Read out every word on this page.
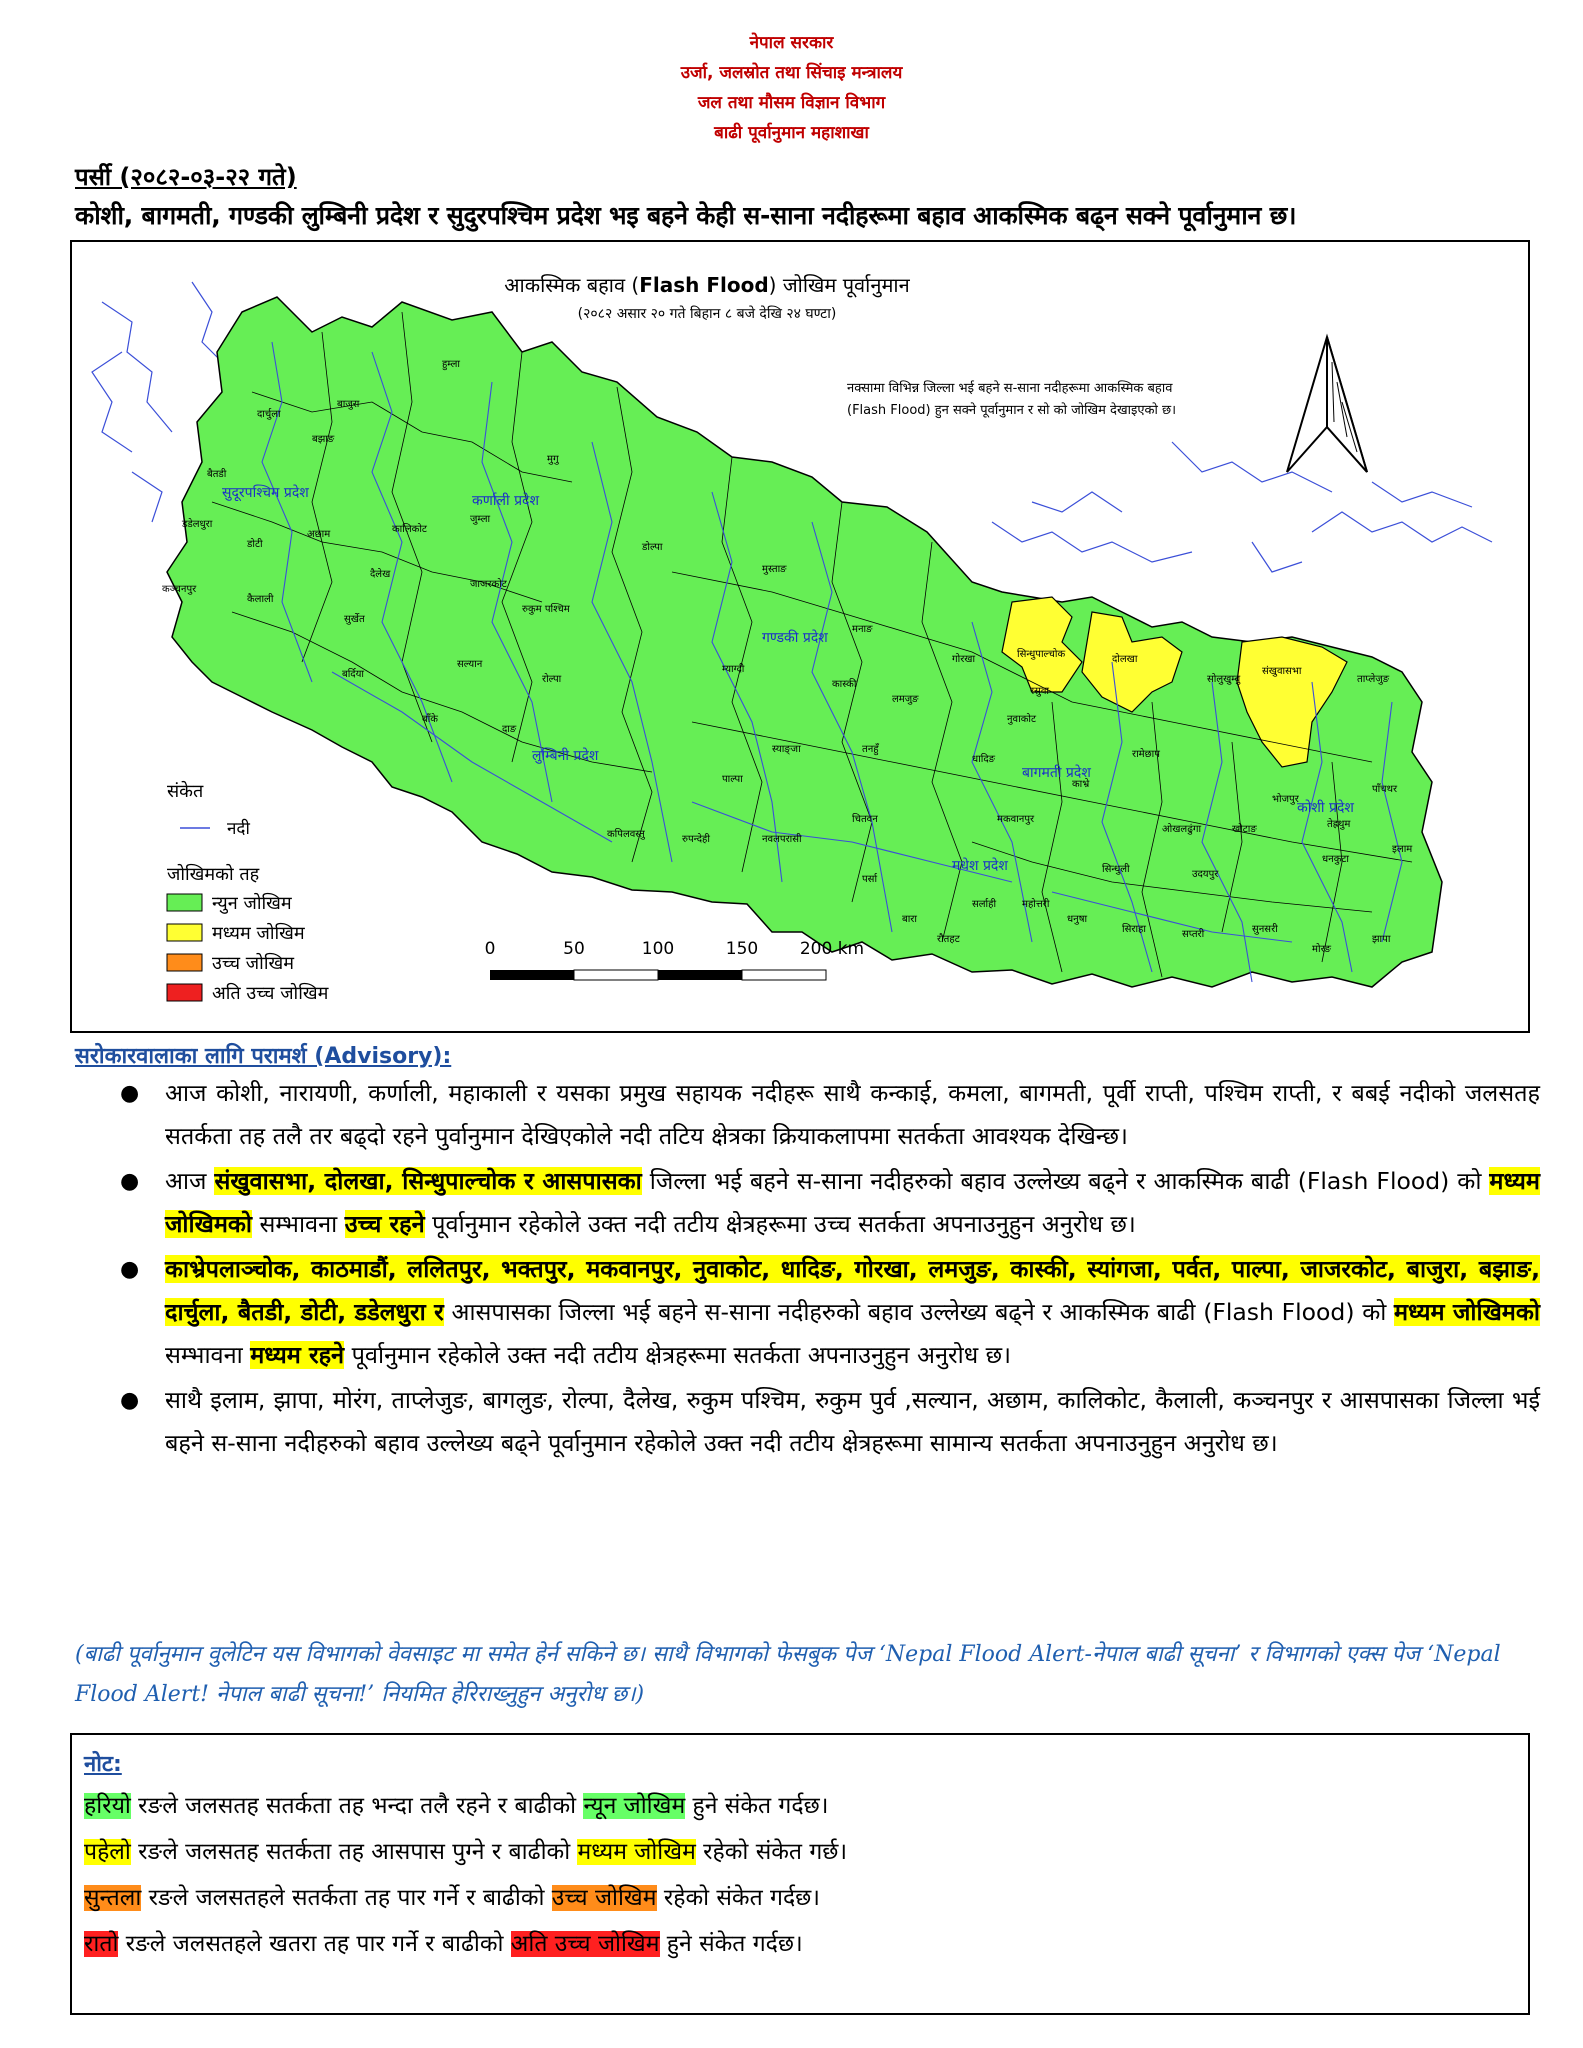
नेपाल सरकार
उर्जा, जलस्रोत तथा सिंचाइ मन्त्रालय
जल तथा मौसम विज्ञान विभाग
बाढी पूर्वानुमान महाशाखा
पर्सी (२०८२-०३-२२ गते)
कोशी, बागमती, गण्डकी लुम्बिनी प्रदेश र सुदुरपश्चिम प्रदेश भइ बहने केही स-साना नदीहरूमा बहाव आकस्मिक बढ्न सक्ने पूर्वानुमान छ।
आकस्मिक बहाव (Flash Flood) जोखिम पूर्वानुमान
(२०८२ असार २० गते बिहान ८ बजे देखि २४ घण्टा)
सुदूरपश्चिम प्रदेश	कर्णाली प्रदेश
गण्डकी प्रदेश
लुम्बिनी प्रदेश
बागमती प्रदेश
मधेश प्रदेश
कोशी प्रदेश
दार्चुला
बैतडी
डडेलधुरा
डोटी
कञ्चनपुर
कैलाली
बझाङ
बाजुरा
अछाम
हुम्ला
मुगु
जुम्ला
कालिकोट
दैलेख
सुर्खेत
बर्दिया
डोल्पा
जाजरकोट
रुकुम पश्चिम
सल्यान
बाँके
रोल्पा
दाङ
मुस्ताङ
म्याग्दी
मनाङ
गोरखा
कास्की
लमजुङ
तनहुँ
स्याङ्जा
पाल्पा
रुपन्देही
कपिलवस्तु	नवलपरासी
चितवन
धादिङ
नुवाकोट
रसुवा
सिन्धुपाल्चोक	दोलखा
काभ्रे
मकवानपुर
रामेछाप
सिन्धुली
सोलुखुम्बु
संखुवासभा
ताप्लेजुङ
पाँचथर
इलाम
झापा
मोरङ
सुनसरी
सप्तरी
सिराहा
धनुषा
महोत्तरी
सर्लाही
रौतहट
बारा
पर्सा	उदयपुर
खोटाङ
भोजपुर
ओखलढुंगा
धनकुटा
तेह्रथुम
नक्सामा विभिन्न जिल्ला भई बहने स-साना नदीहरूमा आकस्मिक बहाव
(Flash Flood) हुन सक्ने पूर्वानुमान र सो को जोखिम देखाइएको छ।
संकेत
नदी
जोखिमको तह
न्युन जोखिम
मध्यम जोखिम
उच्च जोखिम
अति उच्च जोखिम
0	50	100	150 200 km
सरोकारवालाका लागि परामर्श (Advisory):
● आज कोशी, नारायणी, कर्णाली, महाकाली र यसका प्रमुख सहायक नदीहरू साथै कन्काई, कमला, बागमती, पूर्वी राप्ती, पश्चिम राप्ती, र बबई नदीको जलसतह सतर्कता तह तलै तर बढ्दो रहने पुर्वानुमान देखिएकोले नदी तटिय क्षेत्रका क्रियाकलापमा सतर्कता आवश्यक देखिन्छ।
● आज संखुवासभा, दोलखा, सिन्धुपाल्चोक र आसपासका जिल्ला भई बहने स-साना नदीहरुको बहाव उल्लेख्य बढ्ने र आकस्मिक बाढी (Flash Flood) को मध्यम जोखिमको सम्भावना उच्च रहने पूर्वानुमान रहेकोले उक्त नदी तटीय क्षेत्रहरूमा उच्च सतर्कता अपनाउनुहुन अनुरोध छ।
● काभ्रेपलाञ्चोक, काठमाडौं, ललितपुर, भक्तपुर, मकवानपुर, नुवाकोट, धादिङ, गोरखा, लमजुङ, कास्की, स्यांगजा, पर्वत, पाल्पा, जाजरकोट, बाजुरा, बझाङ, दार्चुला, बैतडी, डोटी, डडेलधुरा र आसपासका जिल्ला भई बहने स-साना नदीहरुको बहाव उल्लेख्य बढ्ने र आकस्मिक बाढी (Flash Flood) को मध्यम जोखिमको सम्भावना मध्यम रहने पूर्वानुमान रहेकोले उक्त नदी तटीय क्षेत्रहरूमा सतर्कता अपनाउनुहुन अनुरोध छ।
● साथै इलाम, झापा, मोरंग, ताप्लेजुङ, बागलुङ, रोल्पा, दैलेख, रुकुम पश्चिम, रुकुम पुर्व ,सल्यान, अछाम, कालिकोट, कैलाली, कञ्चनपुर र आसपासका जिल्ला भई बहने स-साना नदीहरुको बहाव उल्लेख्य बढ्ने पूर्वानुमान रहेकोले उक्त नदी तटीय क्षेत्रहरूमा सामान्य सतर्कता अपनाउनुहुन अनुरोध छ।
(बाढी पूर्वानुमान वुलेटिन यस विभागको वेवसाइट मा समेत हेर्न सकिने छ। साथै विभागको फेसबुक पेज ‘Nepal Flood Alert-नेपाल बाढी सूचना’ र विभागको एक्स पेज ‘Nepal Flood Alert! नेपाल बाढी सूचना!’ नियमित हेरिराख्नुहुन अनुरोध छ।)
नोट:
हरियो रङले जलसतह सतर्कता तह भन्दा तलै रहने र बाढीको न्यून जोखिम हुने संकेत गर्दछ।
पहेलो रङले जलसतह सतर्कता तह आसपास पुग्ने र बाढीको मध्यम जोखिम रहेको संकेत गर्छ।
सुन्तला रङले जलसतहले सतर्कता तह पार गर्ने र बाढीको उच्च जोखिम रहेको संकेत गर्दछ।
रातो रङले जलसतहले खतरा तह पार गर्ने र बाढीको अति उच्च जोखिम हुने संकेत गर्दछ।
